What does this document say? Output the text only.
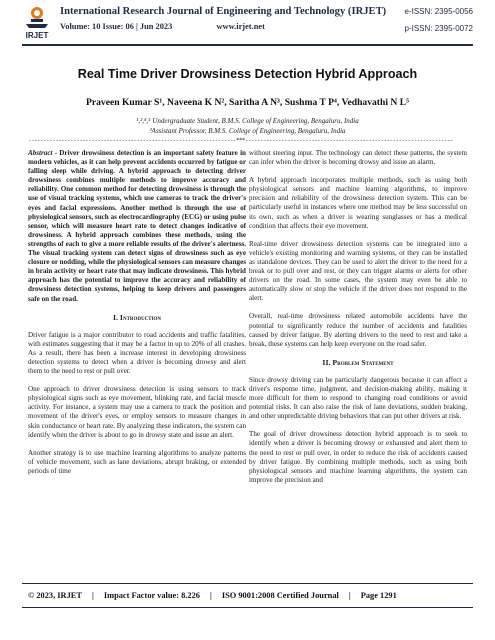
IRJET
International Research Journal of Engineering and Technology (IRJET)
Volume: 10 Issue: 06 | Jun 2023	www.irjet.net
e-ISSN: 2395-0056
p-ISSN: 2395-0072
Real Time Driver Drowsiness Detection Hybrid Approach
Praveen Kumar S¹, Naveena K N², Saritha A N³, Sushma T P⁴, Vedhavathi N L⁵
¹,²,⁴,⁵ Undergraduate Student, B.M.S. College of Engineering, Bengaluru, India
³Assistant Professor, B.M.S. College of Engineering, Bengaluru, India
---------------------------------------------------------------------***---------------------------------------------------------------------

Abstract - Driver drowsiness detection is an important safety feature in modern vehicles, as it can help prevent accidents occurred by fatigue or falling sleep while driving. A hybrid approach to detecting driver drowsiness combines multiple methods to improve accuracy and reliability. One common method for detecting drowsiness is through the use of visual tracking systems, which use cameras to track the driver's eyes and facial expressions. Another method is through the use of physiological sensors, such as electrocardiography (ECG) or using pulse sensor, which will measure heart rate to detect changes indicative of drowsiness. A hybrid approach combines these methods, using the strengths of each to give a more reliable results of the driver's alertness. The visual tracking system can detect signs of drowsiness such as eye closure or nodding, while the physiological sensors can measure changes in brain activity or heart rate that may indicate drowsiness. This hybrid approach has the potential to improve the accuracy and reliability of drowsiness detection systems, helping to keep drivers and passengers safe on the road.

I. Introduction

Driver fatigue is a major contributor to road accidents and traffic fatalities, with estimates suggesting that it may be a factor in up to 20% of all crashes. As a result, there has been a increase interest in developing drowsiness detection systems to detect when a driver is becoming drowsy and alert them to the need to rest or pull over.

One approach to driver drowsiness detection is using sensors to track physiological signs such as eye movement, blinking rate, and facial muscle activity. For instance, a system may use a camera to track the position and movement of the driver's eyes, or employ sensors to measure changes in skin conductance or heart rate. By analyzing these indicators, the system can identify when the driver is about to go in drowsy state and issue an alert.

Another strategy is to use machine learning algorithms to analyze patterns of vehicle movement, such as lane deviations, abrupt braking, or extended periods of time

without steering input. The technology can detect these patterns, the system can infer when the driver is becoming drowsy and issue an alarm.

A hybrid approach incorporates multiple methods, such as using both physiological sensors and machine learning algorithms, to improve precision and reliability of the drowsiness detection system. This can be particularly useful in instances where one method may be less successful on its own, such as when a driver is wearing sunglasses or has a medical condition that affects their eye movement.

Real-time driver drowsiness detection systems can be integrated into a vehicle's existing monitoring and warning systems, or they can be installed as standalone devices. They can be used to alert the driver to the need for a break or to pull over and rest, or they can trigger alarms or alerts for other drivers on the road. In some cases, the system may even be able to automatically slow or stop the vehicle if the driver does not respond to the alert.

Overall, real-time drowsiness related automobile accidents have the potential to significantly reduce the number of accidents and fatalities caused by driver fatigue. By alerting drivers to the need to rest and take a break, these systems can help keep everyone on the road safer.

II. Problem Statement

Since drowsy driving can be particularly dangerous because it can affect a driver's response time, judgment, and decision-making ability, making it more difficult for them to respond to changing road conditions or avoid potential risks. It can also raise the risk of lane deviations, sudden braking, and other unpredictable driving behaviors that can put other drivers at risk.

The goal of driver drowsiness detection hybrid approach is to seek to identify when a driver is becoming drowsy or exhausted and alert them to the need to rest or pull over, in order to reduce the risk of accidents caused by driver fatigue. By combining multiple methods, such as using both physiological sensors and machine learning algorithms, the system can improve the precision and

© 2023, IRJET | Impact Factor value: 8.226 | ISO 9001:2008 Certified Journal | Page 1291
